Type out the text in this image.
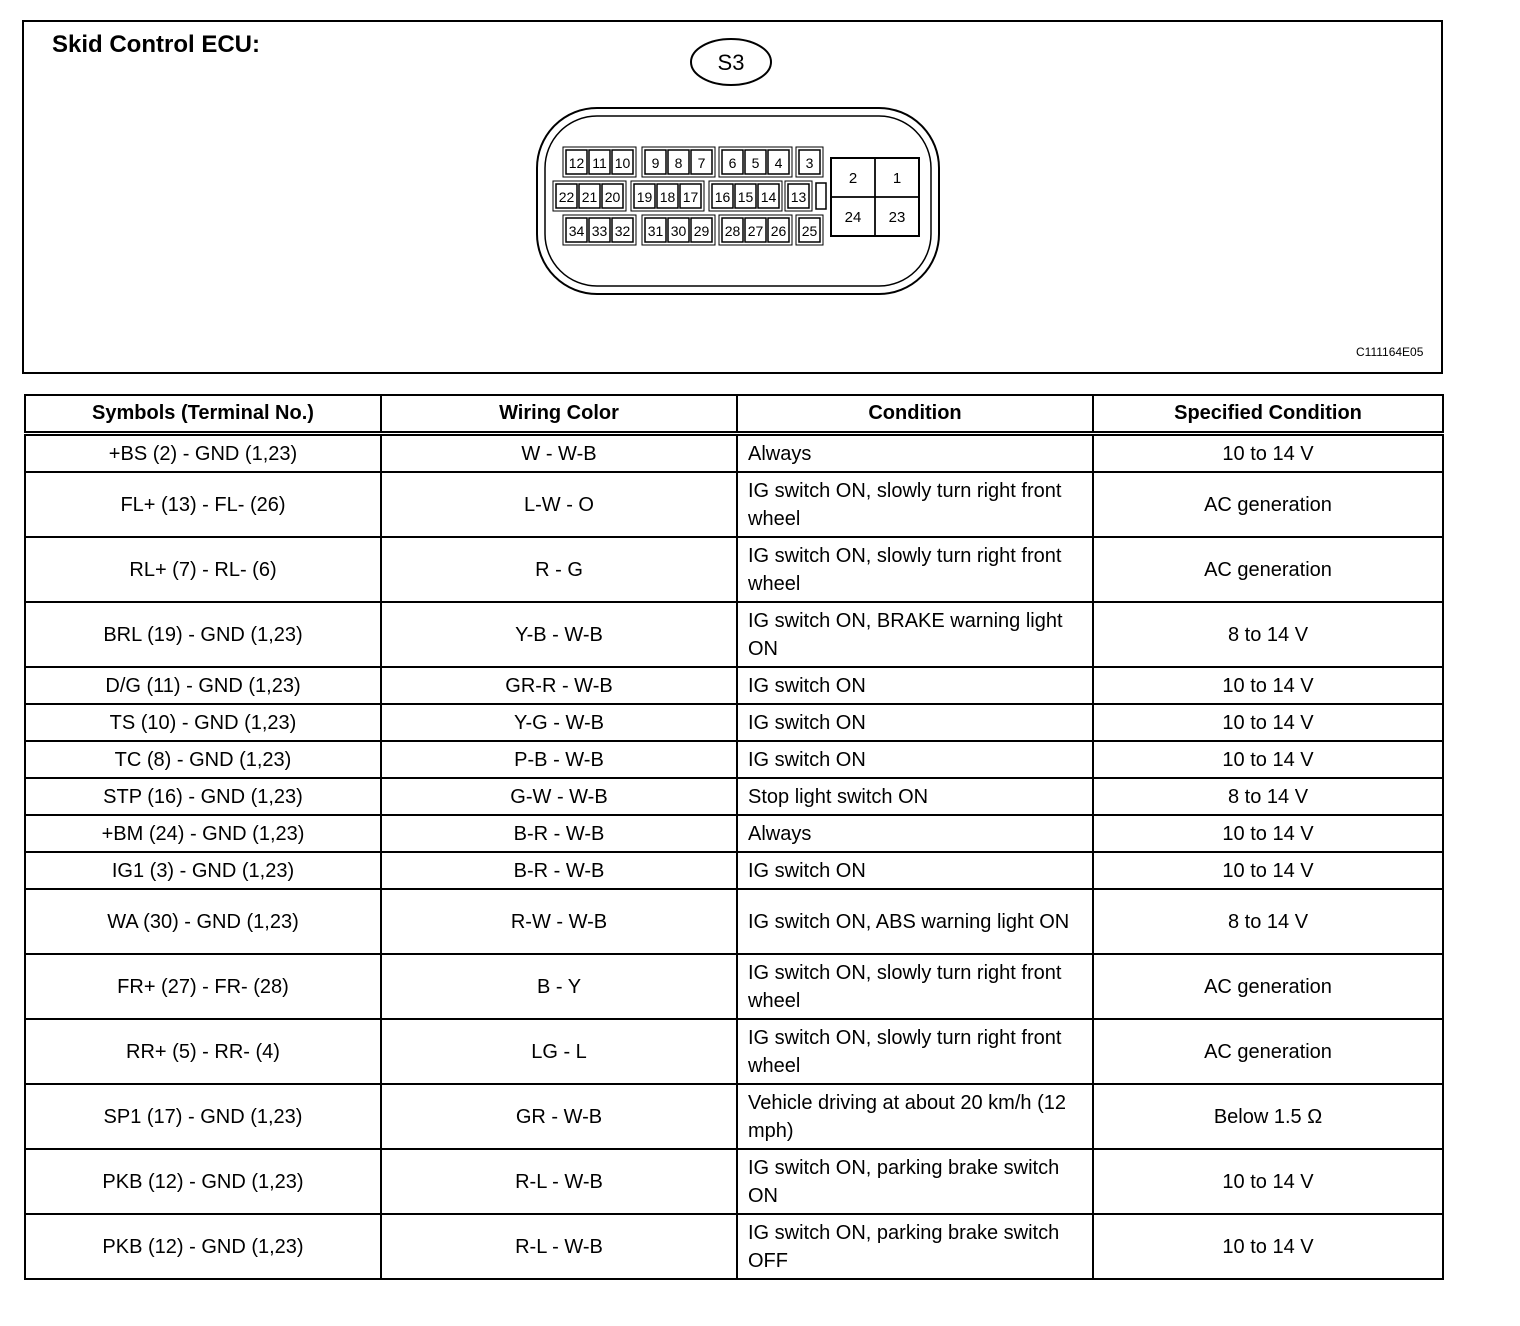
Skid Control ECU:
S3
12 11 10 9 8 7 6 5 4 3
22 21 20 19 18 17 16 15 14 13
34 33 32 31 30 29 28 27 26 25
2 1
24 23
C111164E05
Symbols (Terminal No.)	Wiring Color	Condition	Specified Condition
+BS (2) - GND (1,23)	W - W-B	Always	10 to 14 V
FL+ (13) - FL- (26)	L-W - O	IG switch ON, slowly turn right front wheel	AC generation
RL+ (7) - RL- (6)	R - G	IG switch ON, slowly turn right front wheel	AC generation
BRL (19) - GND (1,23)	Y-B - W-B	IG switch ON, BRAKE warning light ON	8 to 14 V
D/G (11) - GND (1,23)	GR-R - W-B	IG switch ON	10 to 14 V
TS (10) - GND (1,23)	Y-G - W-B	IG switch ON	10 to 14 V
TC (8) - GND (1,23)	P-B - W-B	IG switch ON	10 to 14 V
STP (16) - GND (1,23)	G-W - W-B	Stop light switch ON	8 to 14 V
+BM (24) - GND (1,23)	B-R - W-B	Always	10 to 14 V
IG1 (3) - GND (1,23)	B-R - W-B	IG switch ON	10 to 14 V
WA (30) - GND (1,23)	R-W - W-B	IG switch ON, ABS warning light ON	8 to 14 V
FR+ (27) - FR- (28)	B - Y	IG switch ON, slowly turn right front wheel	AC generation
RR+ (5) - RR- (4)	LG - L	IG switch ON, slowly turn right front wheel	AC generation
SP1 (17) - GND (1,23)	GR - W-B	Vehicle driving at about 20 km/h (12 mph)	Below 1.5 Ω
PKB (12) - GND (1,23)	R-L - W-B	IG switch ON, parking brake switch ON	10 to 14 V
PKB (12) - GND (1,23)	R-L - W-B	IG switch ON, parking brake switch OFF	10 to 14 V
